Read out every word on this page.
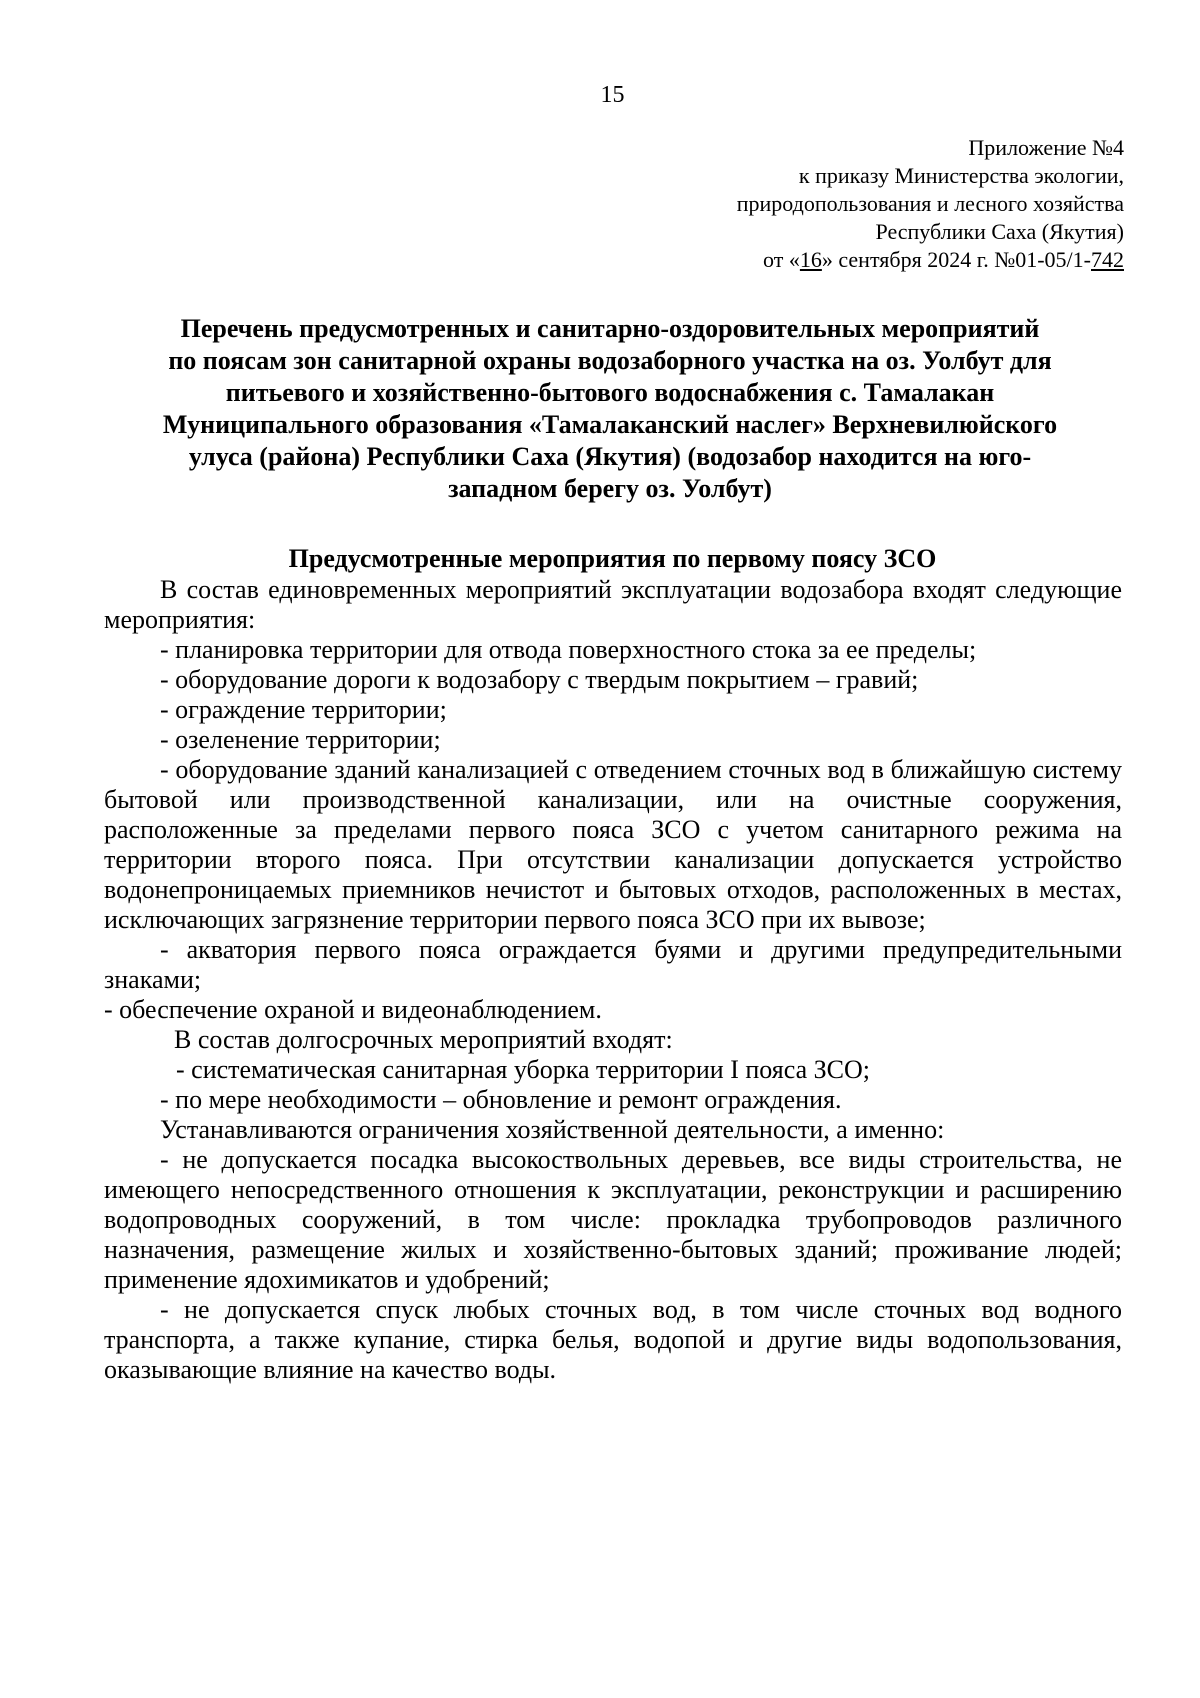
15
Приложение №4
к приказу Министерства экологии,
природопользования и лесного хозяйства
Республики Саха (Якутия)
от «16» сентября 2024 г. №01-05/1-742
Перечень предусмотренных и санитарно-оздоровительных мероприятий
по поясам зон санитарной охраны водозаборного участка на оз. Уолбут для
питьевого и хозяйственно-бытового водоснабжения с. Тамалакан
Муниципального образования «Тамалаканский наслег» Верхневилюйского
улуса (района) Республики Саха (Якутия) (водозабор находится на юго-
западном берегу оз. Уолбут)
Предусмотренные мероприятия по первому поясу ЗСО

В состав единовременных мероприятий эксплуатации водозабора входят следующие мероприятия:

- планировка территории для отвода поверхностного стока за ее пределы;

- оборудование дороги к водозабору с твердым покрытием – гравий;

- ограждение территории;

- озеленение территории;

- оборудование зданий канализацией с отведением сточных вод в ближайшую систему бытовой или производственной канализации, или на очистные сооружения, расположенные за пределами первого пояса ЗСО с учетом санитарного режима на территории второго пояса. При отсутствии канализации допускается устройство водонепроницаемых приемников нечистот и бытовых отходов, расположенных в местах, исключающих загрязнение территории первого пояса ЗСО при их вывозе;

- акватория первого пояса ограждается буями и другими предупредительными знаками;

- обеспечение охраной и видеонаблюдением.

В состав долгосрочных мероприятий входят:

- систематическая санитарная уборка территории I пояса ЗСО;

- по мере необходимости – обновление и ремонт ограждения.

Устанавливаются ограничения хозяйственной деятельности, а именно:

- не допускается посадка высокоствольных деревьев, все виды строительства, не имеющего непосредственного отношения к эксплуатации, реконструкции и расширению водопроводных сооружений, в том числе: прокладка трубопроводов различного назначения, размещение жилых и хозяйственно-бытовых зданий; проживание людей; применение ядохимикатов и удобрений;

- не допускается спуск любых сточных вод, в том числе сточных вод водного транспорта, а также купание, стирка белья, водопой и другие виды водопользования, оказывающие влияние на качество воды.
